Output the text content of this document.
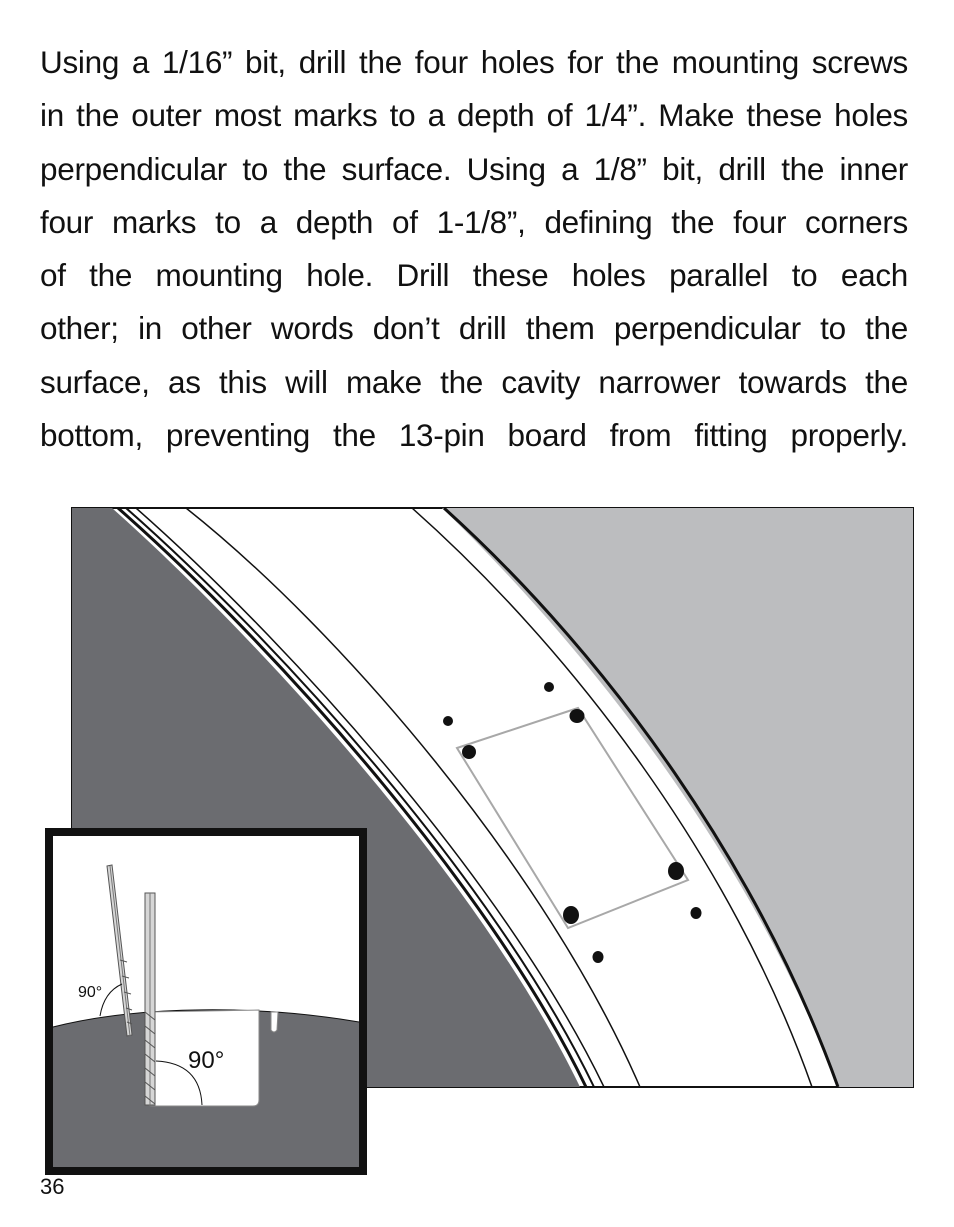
Using a 1/16” bit, drill the four holes for the mounting screws
in the outer most marks to a depth of 1/4”. Make these holes
perpendicular to the surface. Using a 1/8” bit, drill the inner
four marks to a depth of 1-1/8”, defining the four corners
of the mounting hole. Drill these holes parallel to each
other; in other words don’t drill them perpendicular to the
surface, as this will make the cavity narrower towards the
bottom, preventing the 13-pin board from fitting properly.
90°
90°
36
